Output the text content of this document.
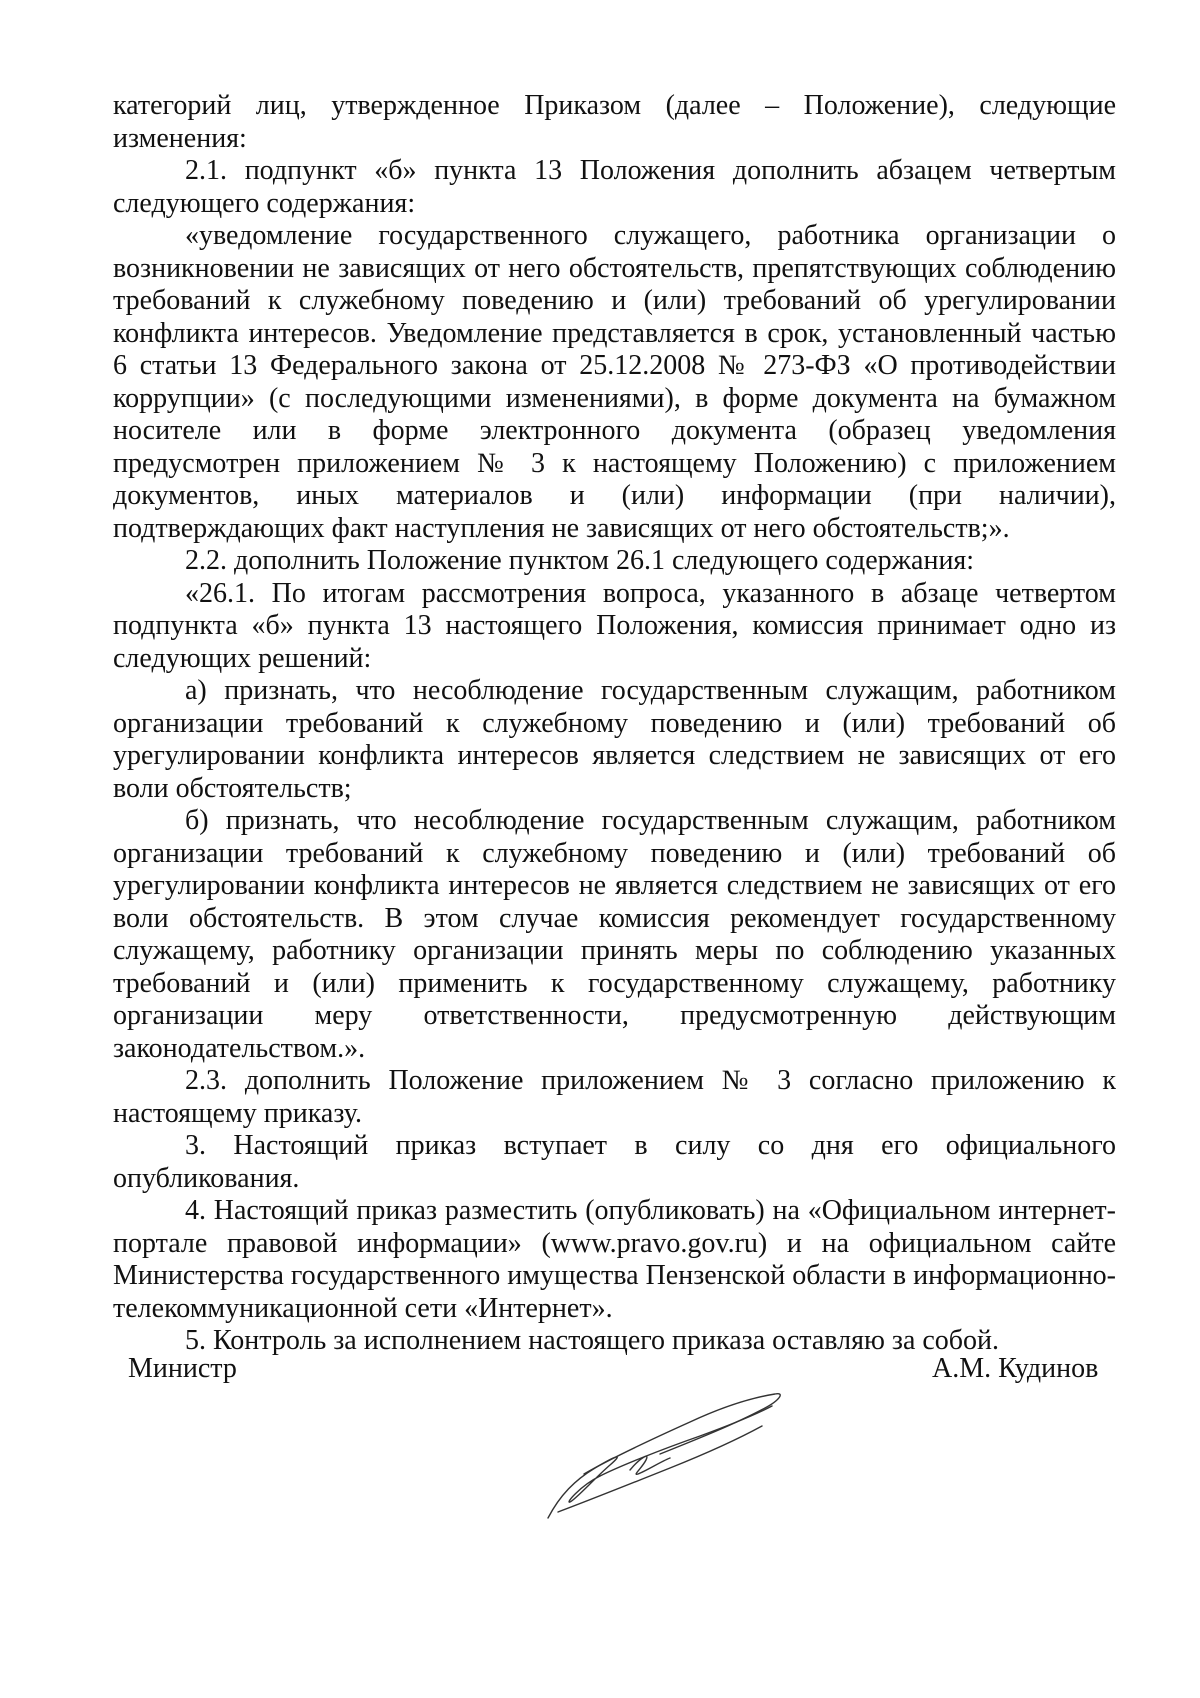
категорий лиц, утвержденное Приказом (далее – Положение), следующие изменения:

2.1. подпункт «б» пункта 13 Положения дополнить абзацем четвертым следующего содержания:

«уведомление государственного служащего, работника организации о возникновении не зависящих от него обстоятельств, препятствующих соблюдению требований к служебному поведению и (или) требований об урегулировании конфликта интересов. Уведомление представляется в срок, установленный частью 6 статьи 13 Федерального закона от 25.12.2008 № 273-ФЗ «О противодействии коррупции» (с последующими изменениями), в форме документа на бумажном носителе или в форме электронного документа (образец уведомления предусмотрен приложением № 3 к настоящему Положению) с приложением документов, иных материалов и (или) информации (при наличии), подтверждающих факт наступления не зависящих от него обстоятельств;».

2.2. дополнить Положение пунктом 26.1 следующего содержания:

«26.1. По итогам рассмотрения вопроса, указанного в абзаце четвертом подпункта «б» пункта 13 настоящего Положения, комиссия принимает одно из следующих решений:

а) признать, что несоблюдение государственным служащим, работником организации требований к служебному поведению и (или) требований об урегулировании конфликта интересов является следствием не зависящих от его воли обстоятельств;

б) признать, что несоблюдение государственным служащим, работником организации требований к служебному поведению и (или) требований об урегулировании конфликта интересов не является следствием не зависящих от его воли обстоятельств. В этом случае комиссия рекомендует государственному служащему, работнику организации принять меры по соблюдению указанных требований и (или) применить к государственному служащему, работнику организации меру ответственности, предусмотренную действующим законодательством.».

2.3. дополнить Положение приложением № 3 согласно приложению к настоящему приказу.

3. Настоящий приказ вступает в силу со дня его официального опубликования.

4. Настоящий приказ разместить (опубликовать) на «Официальном интернет-портале правовой информации» (www.pravo.gov.ru) и на официальном сайте Министерства государственного имущества Пензенской области в информационно-телекоммуникационной сети «Интернет».

5. Контроль за исполнением настоящего приказа оставляю за собой.

Министр	А.М. Кудинов
